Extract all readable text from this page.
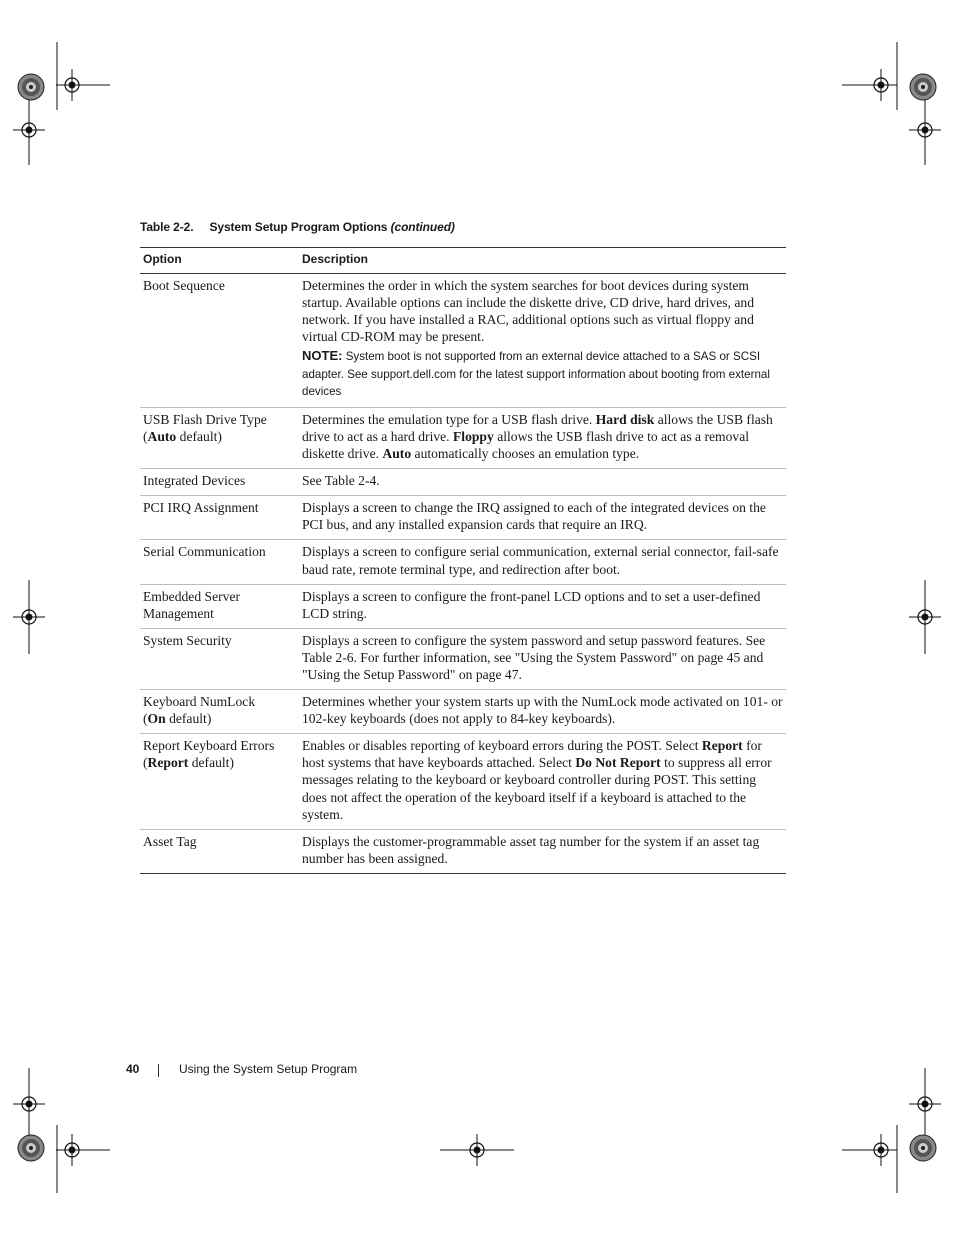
Table 2-2. System Setup Program Options (continued)
Option	Description
Boot Sequence	Determines the order in which the system searches for boot devices during system startup. Available options can include the diskette drive, CD drive, hard drives, and network. If you have installed a RAC, additional options such as virtual floppy and virtual CD-ROM may be present.
NOTE: System boot is not supported from an external device attached to a SAS or SCSI adapter. See support.dell.com for the latest support information about booting from external devices

USB Flash Drive Type
(Auto default)	Determines the emulation type for a USB flash drive. Hard disk allows the USB flash drive to act as a hard drive. Floppy allows the USB flash drive to act as a removal diskette drive. Auto automatically chooses an emulation type.
Integrated Devices	See Table 2-4.
PCI IRQ Assignment	Displays a screen to change the IRQ assigned to each of the integrated devices on the PCI bus, and any installed expansion cards that require an IRQ.
Serial Communication	Displays a screen to configure serial communication, external serial connector, fail-safe baud rate, remote terminal type, and redirection after boot.
Embedded Server Management	Displays a screen to configure the front-panel LCD options and to set a user-defined LCD string.
System Security	Displays a screen to configure the system password and setup password features. See Table 2-6. For further information, see "Using the System Password" on page 45 and "Using the Setup Password" on page 47.
Keyboard NumLock
(On default)	Determines whether your system starts up with the NumLock mode activated on 101- or 102-key keyboards (does not apply to 84-key keyboards).
Report Keyboard Errors
(Report default)	Enables or disables reporting of keyboard errors during the POST. Select Report for host systems that have keyboards attached. Select Do Not Report to suppress all error messages relating to the keyboard or keyboard controller during POST. This setting does not affect the operation of the keyboard itself if a keyboard is attached to the system.
Asset Tag	Displays the customer-programmable asset tag number for the system if an asset tag number has been assigned.
40	Using the System Setup Program
